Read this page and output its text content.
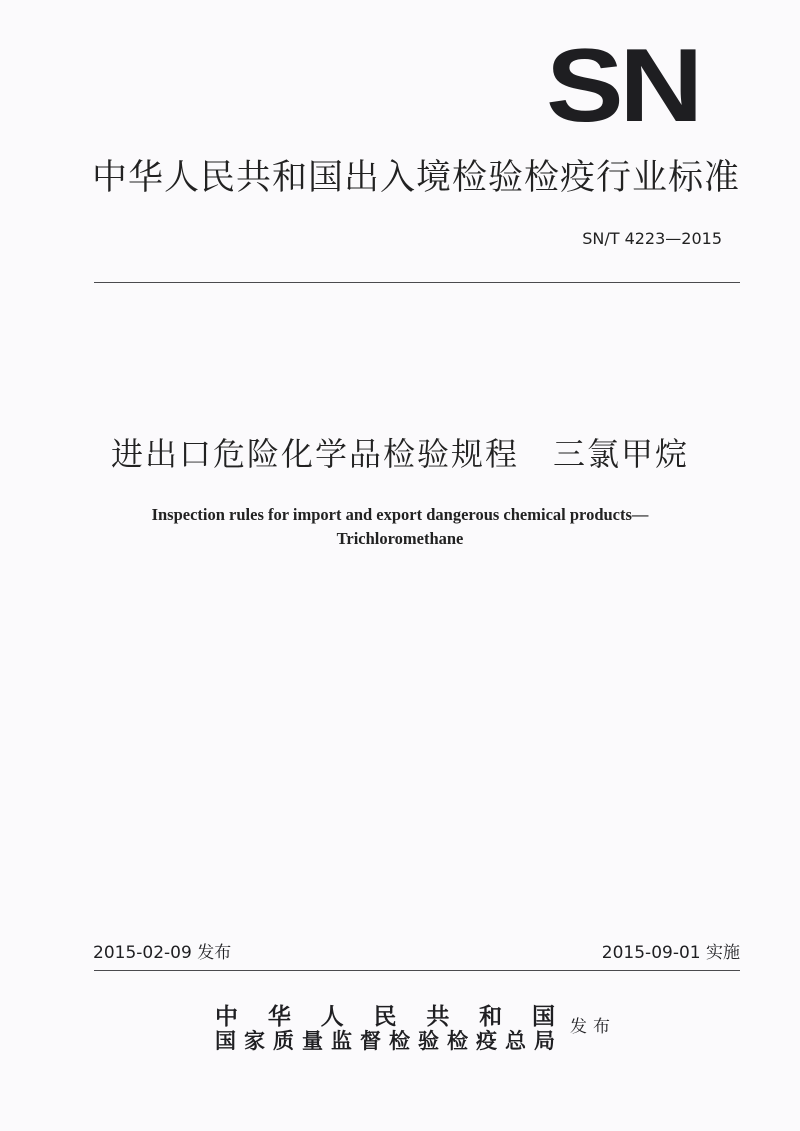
SN
中华人民共和国出入境检验检疫行业标准
SN/T 4223—2015
进出口危险化学品检验规程　三氯甲烷
Inspection rules for import and export dangerous chemical products—
Trichloromethane
2015-02-09 发布	2015-09-01 实施
中华人民共和国
国家质量监督检验检疫总局
发布
